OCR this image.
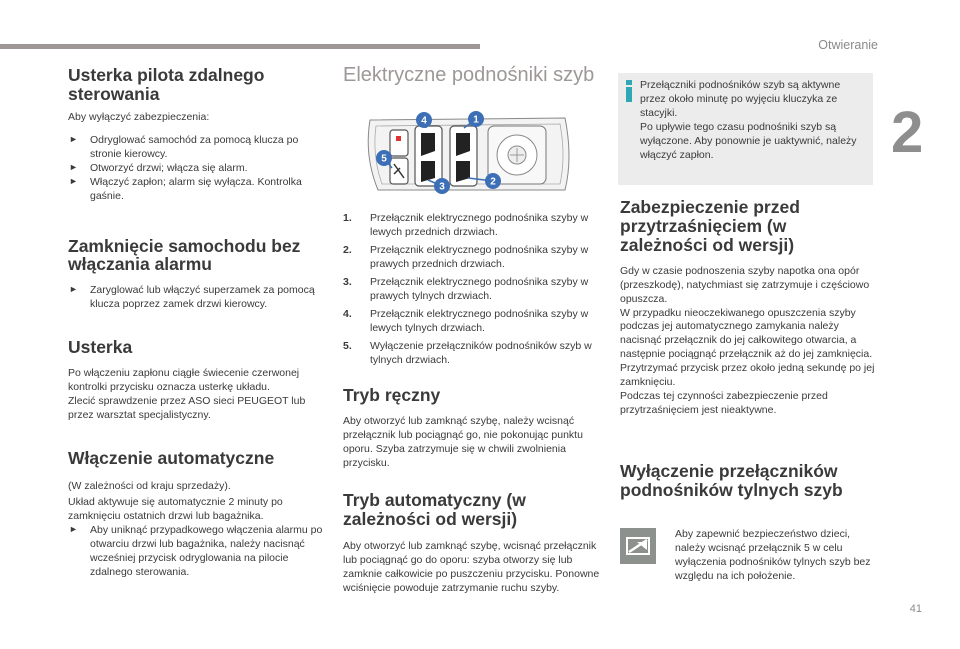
Otwieranie
2
41
Usterka pilota zdalnego sterowania

Aby wyłączyć zabezpieczenia:

► Odryglować samochód za pomocą klucza po stronie kierowcy.
► Otworzyć drzwi; włącza się alarm.
► Włączyć zapłon; alarm się wyłącza. Kontrolka gaśnie.
Zamknięcie samochodu bez włączania alarmu
► Zaryglować lub włączyć superzamek za pomocą klucza poprzez zamek drzwi kierowcy.
Usterka

Po włączeniu zapłonu ciągłe świecenie czerwonej kontrolki przycisku oznacza usterkę układu.

Zlecić sprawdzenie przez ASO sieci PEUGEOT lub przez warsztat specjalistyczny.

Włączenie automatyczne

(W zależności od kraju sprzedaży).

Układ aktywuje się automatycznie 2 minuty po zamknięciu ostatnich drzwi lub bagażnika.

► Aby uniknąć przypadkowego włączenia alarmu po otwarciu drzwi lub bagażnika, należy nacisnąć wcześniej przycisk odryglowania na pilocie zdalnego sterowania.
Elektryczne podnośniki szyb
4	1
5
3	2
1. Przełącznik elektrycznego podnośnika szyby w lewych przednich drzwiach.
2. Przełącznik elektrycznego podnośnika szyby w prawych przednich drzwiach.
3. Przełącznik elektrycznego podnośnika szyby w prawych tylnych drzwiach.
4. Przełącznik elektrycznego podnośnika szyby w lewych tylnych drzwiach.
5. Wyłączenie przełączników podnośników szyb w tylnych drzwiach.
Tryb ręczny

Aby otworzyć lub zamknąć szybę, należy wcisnąć przełącznik lub pociągnąć go, nie pokonując punktu oporu. Szyba zatrzymuje się w chwili zwolnienia przycisku.

Tryb automatyczny (w zależności od wersji)

Aby otworzyć lub zamknąć szybę, wcisnąć przełącznik lub pociągnąć go do oporu: szyba otworzy się lub zamknie całkowicie po puszczeniu przycisku. Ponowne wciśnięcie powoduje zatrzymanie ruchu szyby.

Przełączniki podnośników szyb są aktywne przez około minutę po wyjęciu kluczyka ze stacyjki.
Po upływie tego czasu podnośniki szyb są wyłączone. Aby ponownie je uaktywnić, należy włączyć zapłon.

Zabezpieczenie przed przytrzaśnięciem (w zależności od wersji)

Gdy w czasie podnoszenia szyby napotka ona opór (przeszkodę), natychmiast się zatrzymuje i częściowo opuszcza.

W przypadku nieoczekiwanego opuszczenia szyby podczas jej automatycznego zamykania należy nacisnąć przełącznik do jej całkowitego otwarcia, a następnie pociągnąć przełącznik aż do jej zamknięcia. Przytrzymać przycisk przez około jedną sekundę po jej zamknięciu.

Podczas tej czynności zabezpieczenie przed przytrzaśnięciem jest nieaktywne.

Wyłączenie przełączników podnośników tylnych szyb

Aby zapewnić bezpieczeństwo dzieci, należy wcisnąć przełącznik 5 w celu wyłączenia podnośników tylnych szyb bez względu na ich położenie.
